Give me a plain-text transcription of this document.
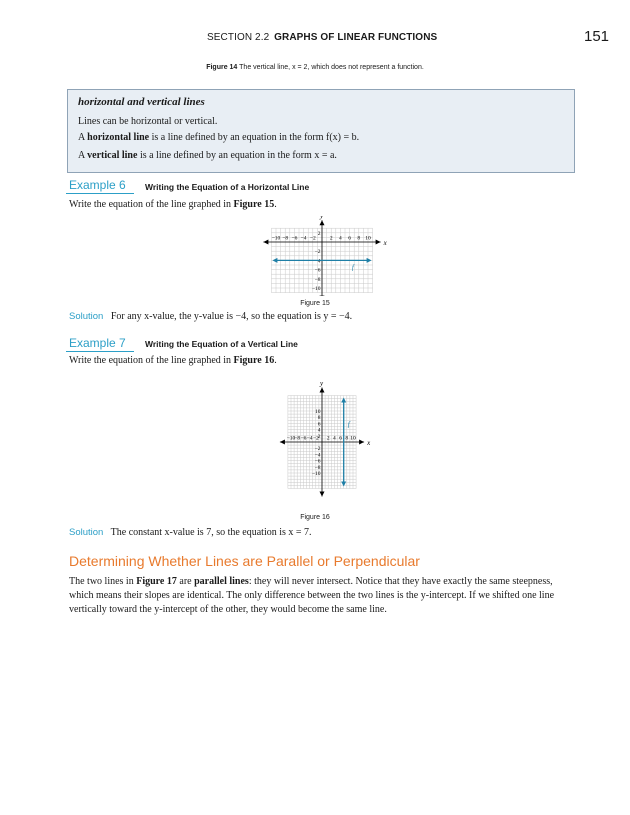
SECTION 2.2 GRAPHS OF LINEAR FUNCTIONS	151
Figure 14 The vertical line, x = 2, which does not represent a function.
horizontal and vertical lines
Lines can be horizontal or vertical.
A horizontal line is a line defined by an equation in the form f(x) = b.
A vertical line is a line defined by an equation in the form x = a.
Example 6 Writing the Equation of a Horizontal Line
Write the equation of the line graphed in Figure 15.
x
y
−10 −8 −6 −4 −2	2 4 6 8 10
2
−2
−4
−6
−8
−10
f
Figure 15
Solution For any x-value, the y-value is −4, so the equation is y = −4.
Example 7 Writing the Equation of a Vertical Line
Write the equation of the line graphed in Figure 16.
x
y
−10
−8 −6 −4 −2 2 4 6 8 10
10
8
6
4
2
−2
−4
−6
−8
−10
f
Figure 16
Solution The constant x-value is 7, so the equation is x = 7.
Determining Whether Lines are Parallel or Perpendicular
The two lines in Figure 17 are parallel lines: they will never intersect. Notice that they have exactly the same steepness, which means their slopes are identical. The only difference between the two lines is the y-intercept. If we shifted one line vertically toward the y-intercept of the other, they would become the same line.
